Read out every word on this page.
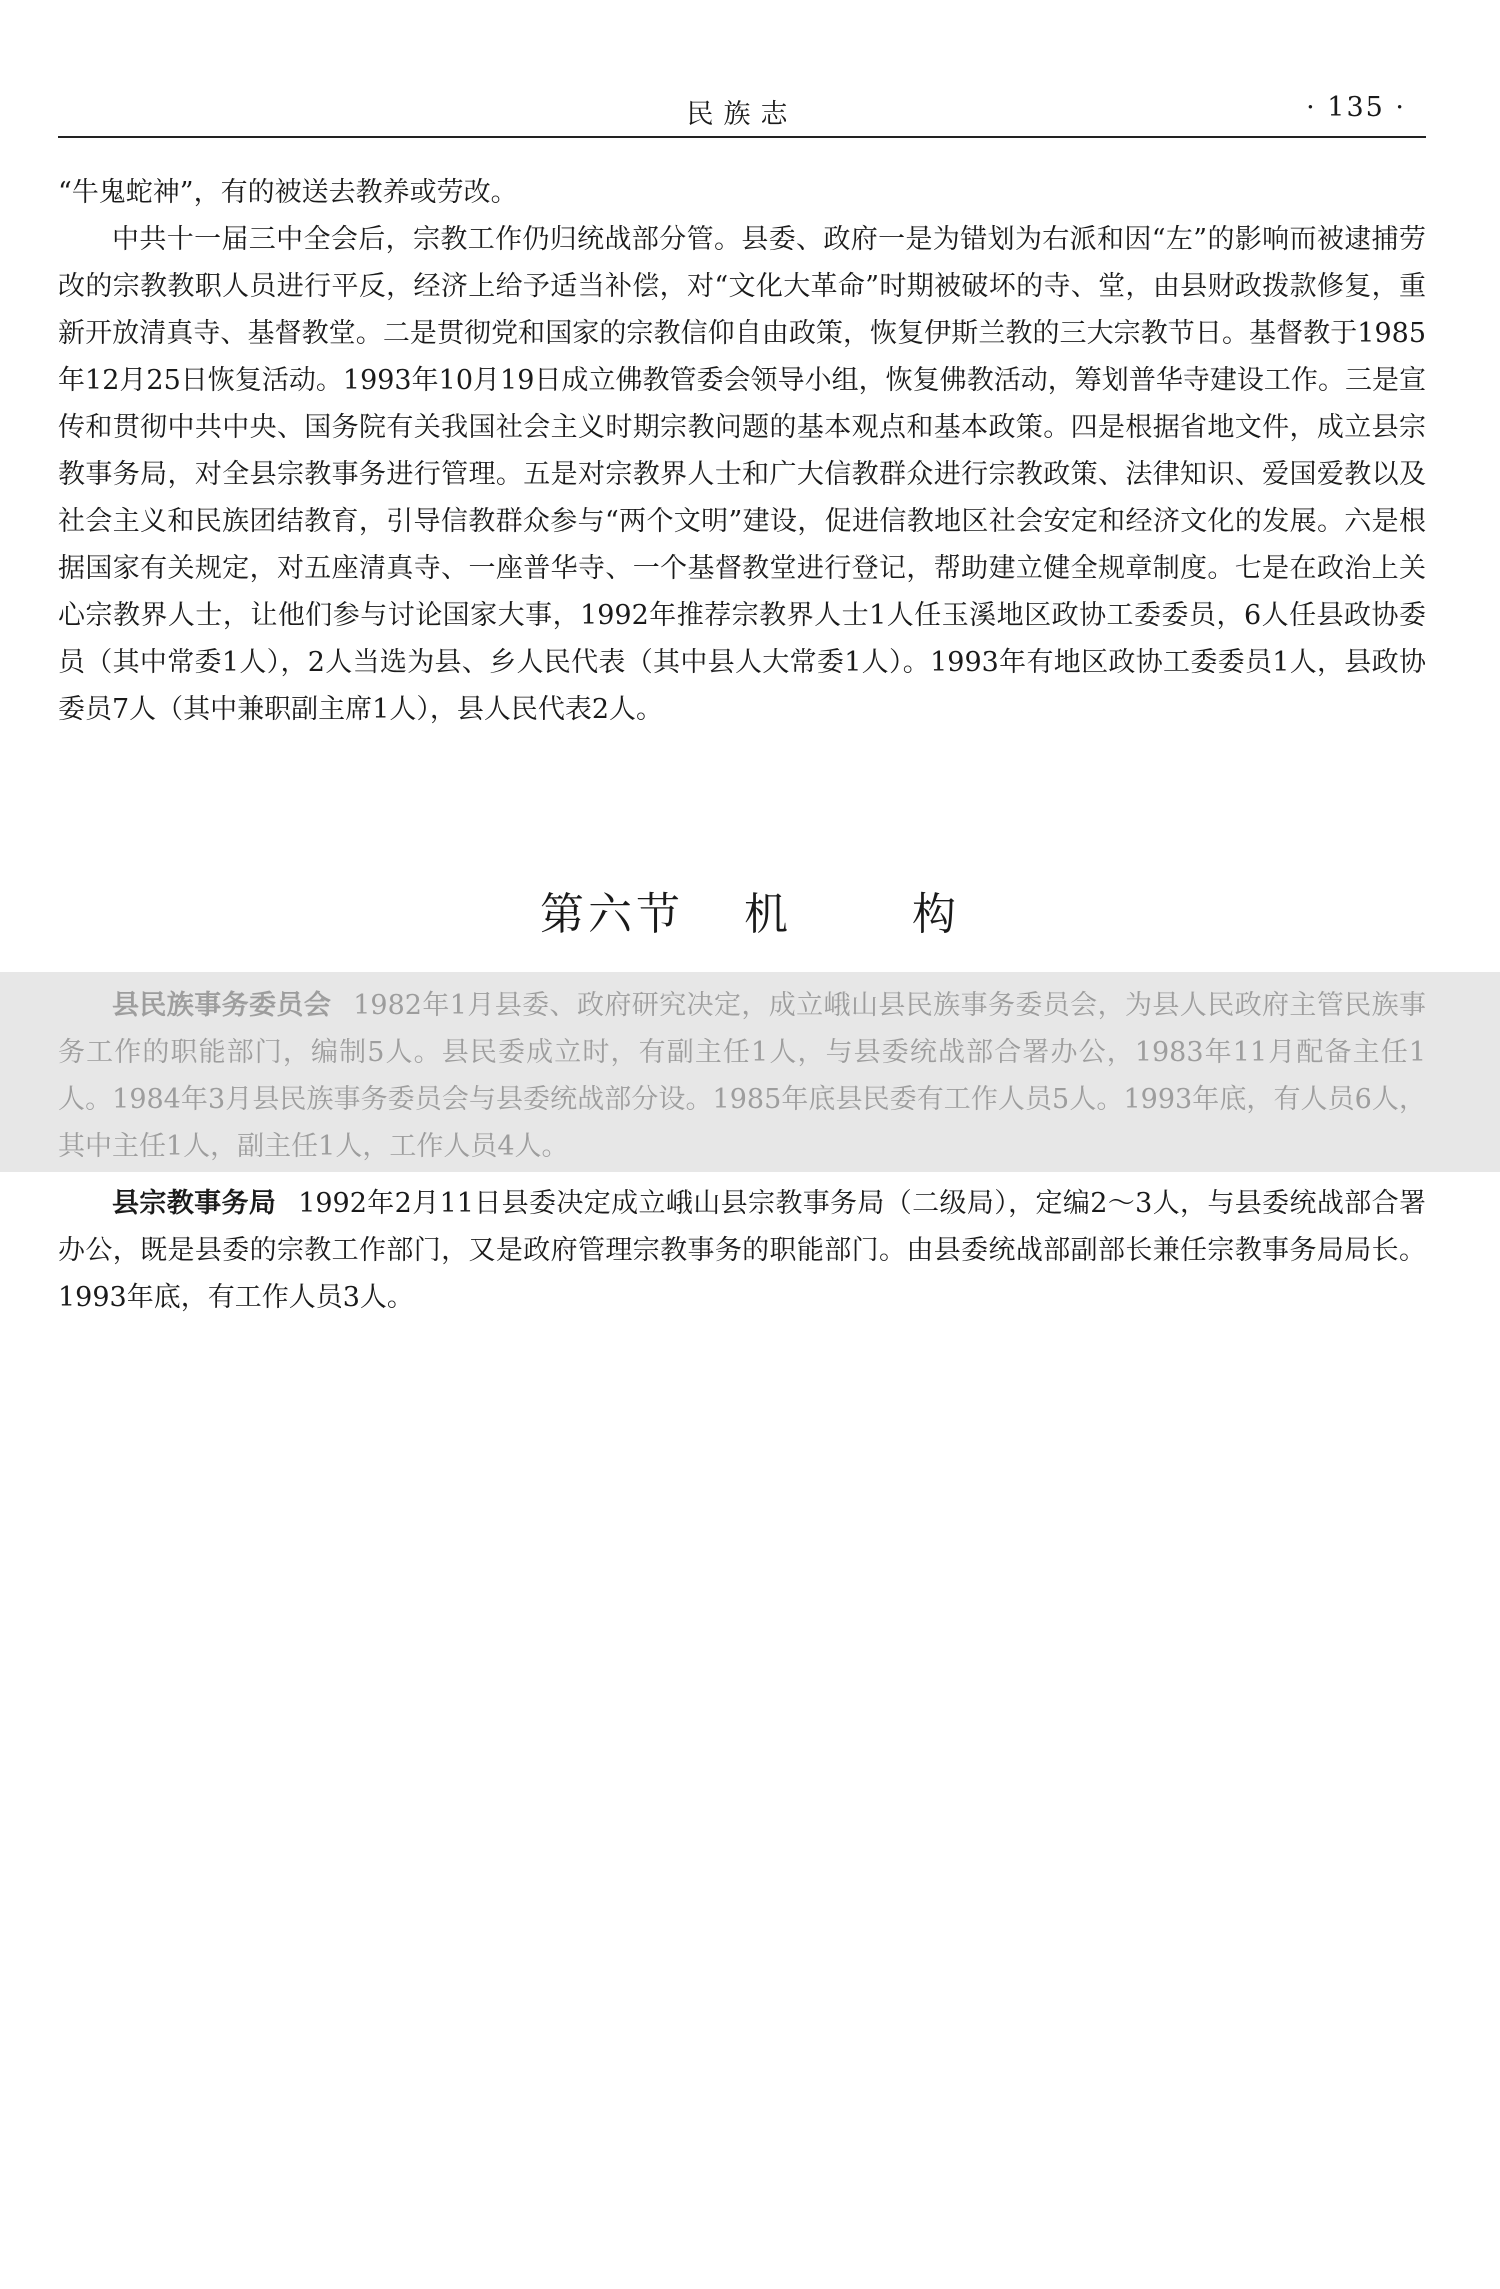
民族志	· 135 ·
“牛鬼蛇神”，有的被送去教养或劳改。
中共十一届三中全会后，宗教工作仍归统战部分管。县委、政府一是为错划为右派和因“左”的影响而被逮捕劳改的宗教教职人员进行平反，经济上给予适当补偿，对“文化大革命”时期被破坏的寺、堂，由县财政拨款修复，重新开放清真寺、基督教堂。二是贯彻党和国家的宗教信仰自由政策，恢复伊斯兰教的三大宗教节日。基督教于1985年12月25日恢复活动。1993年10月19日成立佛教管委会领导小组，恢复佛教活动，筹划普华寺建设工作。三是宣传和贯彻中共中央、国务院有关我国社会主义时期宗教问题的基本观点和基本政策。四是根据省地文件，成立县宗教事务局，对全县宗教事务进行管理。五是对宗教界人士和广大信教群众进行宗教政策、法律知识、爱国爱教以及社会主义和民族团结教育，引导信教群众参与“两个文明”建设，促进信教地区社会安定和经济文化的发展。六是根据国家有关规定，对五座清真寺、一座普华寺、一个基督教堂进行登记，帮助建立健全规章制度。七是在政治上关心宗教界人士，让他们参与讨论国家大事，1992年推荐宗教界人士1人任玉溪地区政协工委委员，6人任县政协委员（其中常委1人），2人当选为县、乡人民代表（其中县人大常委1人）。1993年有地区政协工委委员1人，县政协委员7人（其中兼职副主席1人），县人民代表2人。
第六节 机	构
县民族事务委员会 1982年1月县委、政府研究决定，成立峨山县民族事务委员会，为县人民政府主管民族事务工作的职能部门，编制5人。县民委成立时，有副主任1人，与县委统战部合署办公，1983年11月配备主任1人。1984年3月县民族事务委员会与县委统战部分设。1985年底县民委有工作人员5人。1993年底，有人员6人，其中主任1人，副主任1人，工作人员4人。
县宗教事务局 1992年2月11日县委决定成立峨山县宗教事务局（二级局），定编2～3人，与县委统战部合署办公，既是县委的宗教工作部门，又是政府管理宗教事务的职能部门。由县委统战部副部长兼任宗教事务局局长。1993年底，有工作人员3人。
